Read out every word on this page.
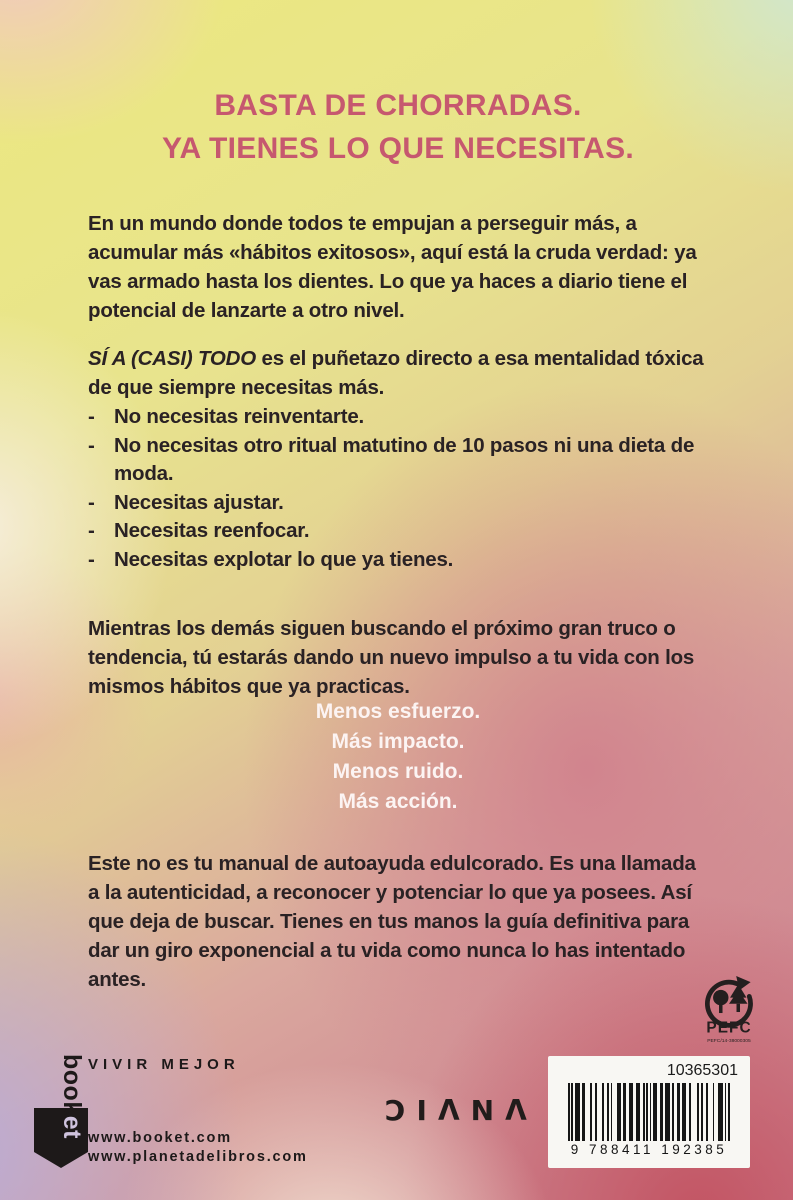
BASTA DE CHORRADAS.
YA TIENES LO QUE NECESITAS.

En un mundo donde todos te empujan a perseguir más, a acumular más «hábitos exitosos», aquí está la cruda verdad: ya vas armado hasta los dientes. Lo que ya haces a diario tiene el potencial de lanzarte a otro nivel.

SÍ A (CASI) TODO es el puñetazo directo a esa mentalidad tóxica de que siempre necesitas más.

- No necesitas reinventarte.
- No necesitas otro ritual matutino de 10 pasos ni una dieta de moda.
- Necesitas ajustar.
- Necesitas reenfocar.
- Necesitas explotar lo que ya tienes.

Mientras los demás siguen buscando el próximo gran truco o tendencia, tú estarás dando un nuevo impulso a tu vida con los mismos hábitos que ya practicas.

Menos esfuerzo.
Más impacto.
Menos ruido.
Más acción.

Este no es tu manual de autoayuda edulcorado. Es una llamada a la autenticidad, a reconocer y potenciar lo que ya posees. Así que deja de buscar. Tienes en tus manos la guía definitiva para dar un giro exponencial a tu vida como nunca lo has intentado antes.

PEFC
PEFC/14-38000305
VIVIR MEJOR
booket www.booket.com
www.planetadelibros.com
ƆIΛNΛ
10365301
9 788411 192385
